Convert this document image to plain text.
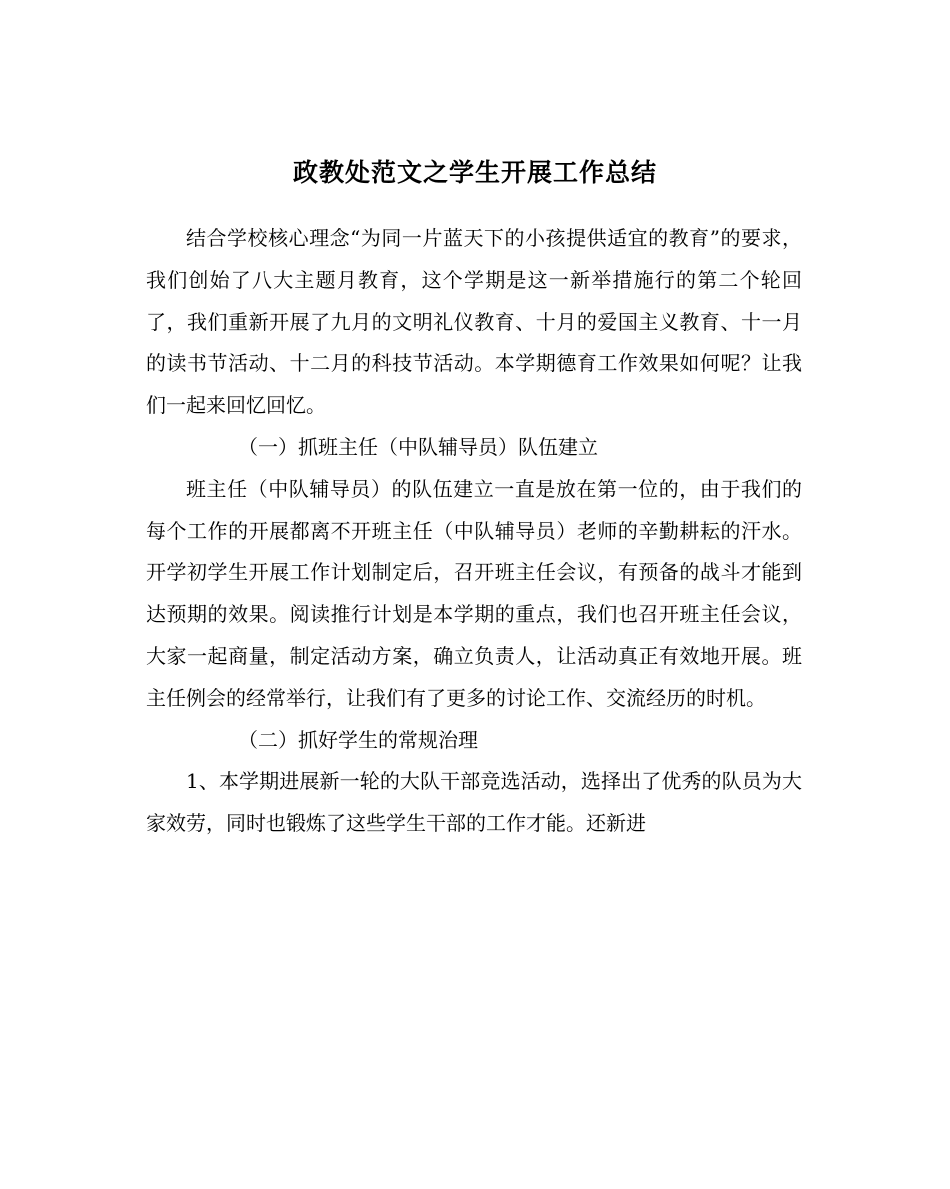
政教处范文之学生开展工作总结

结合学校核心理念“为同一片蓝天下的小孩提供适宜的教育”的要求，我们创始了八大主题月教育，这个学期是这一新举措施行的第二个轮回了，我们重新开展了九月的文明礼仪教育、十月的爱国主义教育、十一月的读书节活动、十二月的科技节活动。本学期德育工作效果如何呢？让我们一起来回忆回忆。

（一）抓班主任（中队辅导员）队伍建立

班主任（中队辅导员）的队伍建立一直是放在第一位的，由于我们的每个工作的开展都离不开班主任（中队辅导员）老师的辛勤耕耘的汗水。开学初学生开展工作计划制定后，召开班主任会议，有预备的战斗才能到达预期的效果。阅读推行计划是本学期的重点，我们也召开班主任会议，大家一起商量，制定活动方案，确立负责人，让活动真正有效地开展。班主任例会的经常举行，让我们有了更多的讨论工作、交流经历的时机。

（二）抓好学生的常规治理

1、本学期进展新一轮的大队干部竞选活动，选择出了优秀的队员为大家效劳，同时也锻炼了这些学生干部的工作才能。还新进
